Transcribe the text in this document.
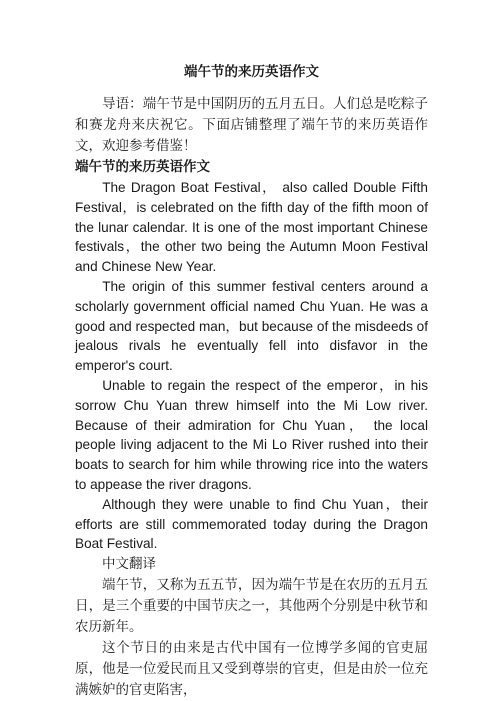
端午节的来历英语作文

导语：端午节是中国阴历的五月五日。人们总是吃粽子和赛龙舟来庆祝它。下面店铺整理了端午节的来历英语作文，欢迎参考借鉴！

端午节的来历英语作文

The Dragon Boat Festival， also called Double Fifth Festival，is celebrated on the fifth day of the fifth moon of the lunar calendar. It is one of the most important Chinese festivals，the other two being the Autumn Moon Festival and Chinese New Year.

The origin of this summer festival centers around a scholarly government official named Chu Yuan. He was a good and respected man，but because of the misdeeds of jealous rivals he eventually fell into disfavor in the emperor's court.

Unable to regain the respect of the emperor，in his sorrow Chu Yuan threw himself into the Mi Low river. Because of their admiration for Chu Yuan， the local people living adjacent to the Mi Lo River rushed into their boats to search for him while throwing rice into the waters to appease the river dragons.

Although they were unable to find Chu Yuan，their efforts are still commemorated today during the Dragon Boat Festival.

中文翻译

端午节，又称为五五节，因为端午节是在农历的五月五日，是三个重要的中国节庆之一，其他两个分别是中秋节和农历新年。

这个节日的由来是古代中国有一位博学多闻的官吏屈原，他是一位爱民而且又受到尊崇的官吏，但是由於一位充满嫉妒的官吏陷害，
